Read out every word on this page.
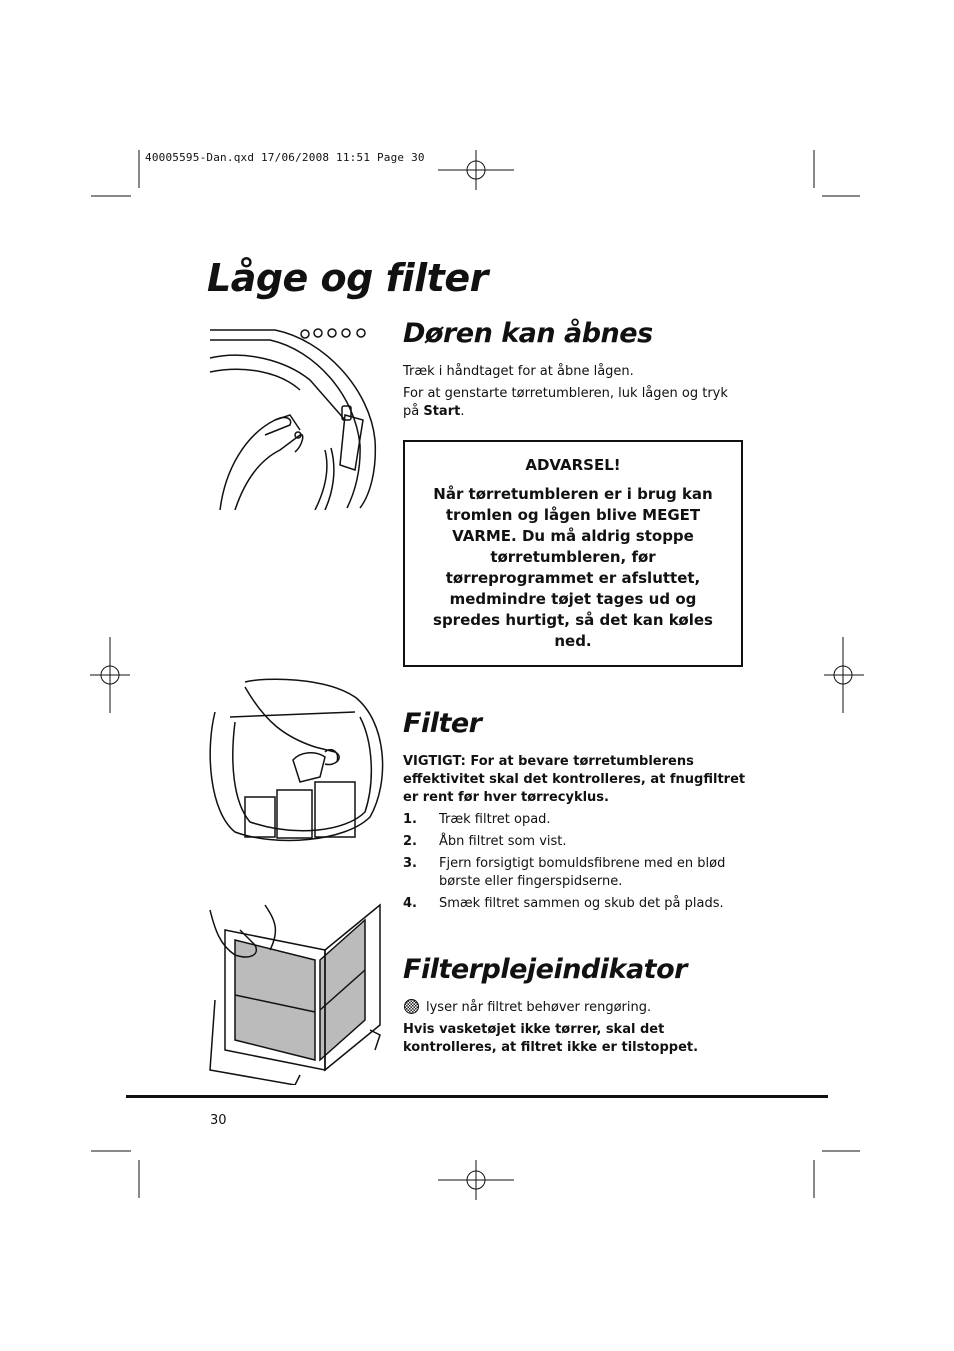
40005595-Dan.qxd 17/06/2008 11:51 Page 30
Låge og filter
Døren kan åbnes

Træk i håndtaget for at åbne lågen.

For at genstarte tørretumbleren, luk lågen og tryk på Start.

ADVARSEL!
Når tørretumbleren er i brug kan tromlen og lågen blive MEGET VARME. Du må aldrig stoppe tørretumbleren, før tørreprogrammet er afsluttet, medmindre tøjet tages ud og spredes hurtigt, så det kan køles ned.
Filter

VIGTIGT: For at bevare tørretumblerens effektivitet skal det kontrolleres, at fnugfiltret er rent før hver tørrecyklus.

1. Træk filtret opad.
2. Åbn filtret som vist.
3. Fjern forsigtigt bomuldsfibrene med en blød børste eller fingerspidserne.
4. Smæk filtret sammen og skub det på plads.
Filterplejeindikator

lyser når filtret behøver rengøring.

Hvis vasketøjet ikke tørrer, skal det kontrolleres, at filtret ikke er tilstoppet.

30
